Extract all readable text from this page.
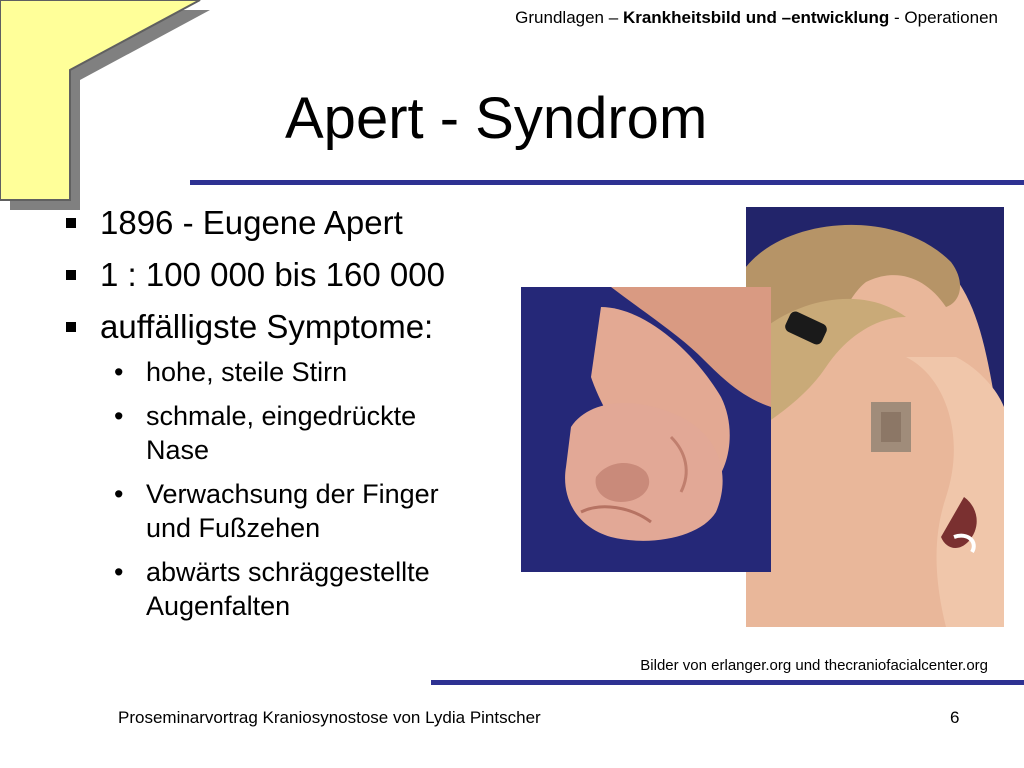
Grundlagen – Krankheitsbild und –entwicklung - Operationen
Apert - Syndrom
1896 - Eugene Apert
1 : 100 000 bis 160 000
auffälligste Symptome:
• hohe, steile Stirn
• schmale, eingedrückte
Nase
• Verwachsung der Finger
und Fußzehen
• abwärts schräggestellte
Augenfalten
Bilder von erlanger.org und thecraniofacialcenter.org
Proseminarvortrag Kraniosynostose von Lydia Pintscher	6
